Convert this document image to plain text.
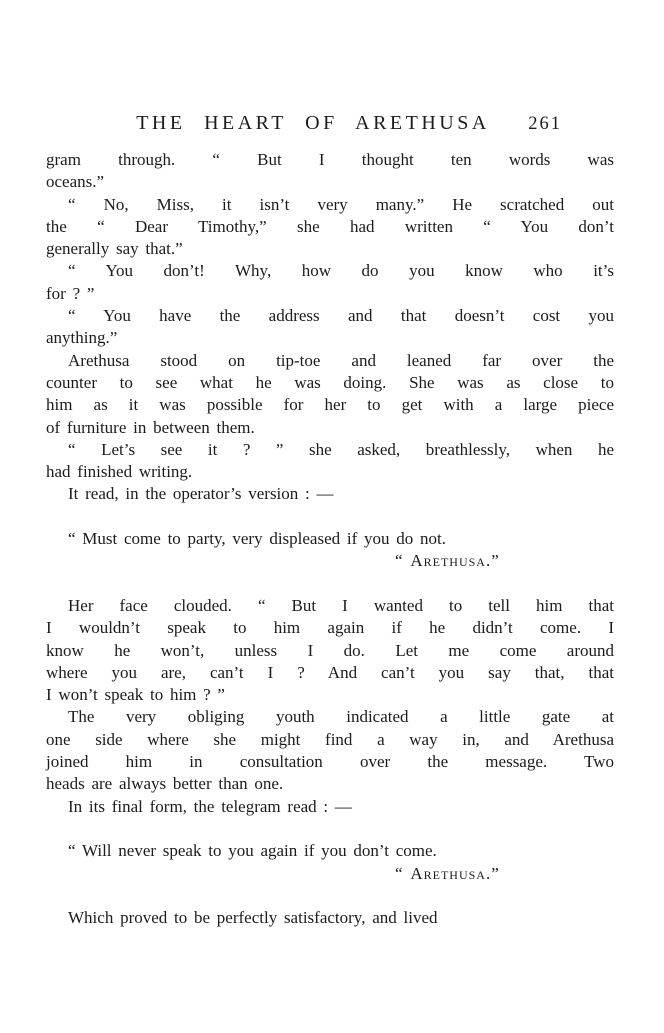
THE HEART OF ARETHUSA	261
gram through. “ But I thought ten words was
oceans.”
“ No, Miss, it isn’t very many.” He scratched out
the “ Dear Timothy,” she had written “ You don’t
generally say that.”
“ You don’t! Why, how do you know who it’s
for ? ”
“ You have the address and that doesn’t cost you
anything.”
Arethusa stood on tip-toe and leaned far over the
counter to see what he was doing. She was as close to
him as it was possible for her to get with a large piece
of furniture in between them.
“ Let’s see it ? ” she asked, breathlessly, when he
had finished writing.
It read, in the operator’s version : —
“ Must come to party, very displeased if you do not.
“ Arethusa.”
Her face clouded. “ But I wanted to tell him that
I wouldn’t speak to him again if he didn’t come. I
know he won’t, unless I do. Let me come around
where you are, can’t I ? And can’t you say that, that
I won’t speak to him ? ”
The very obliging youth indicated a little gate at
one side where she might find a way in, and Arethusa
joined him in consultation over the message. Two
heads are always better than one.
In its final form, the telegram read : —
“ Will never speak to you again if you don’t come.
“ Arethusa.”
Which proved to be perfectly satisfactory, and lived
